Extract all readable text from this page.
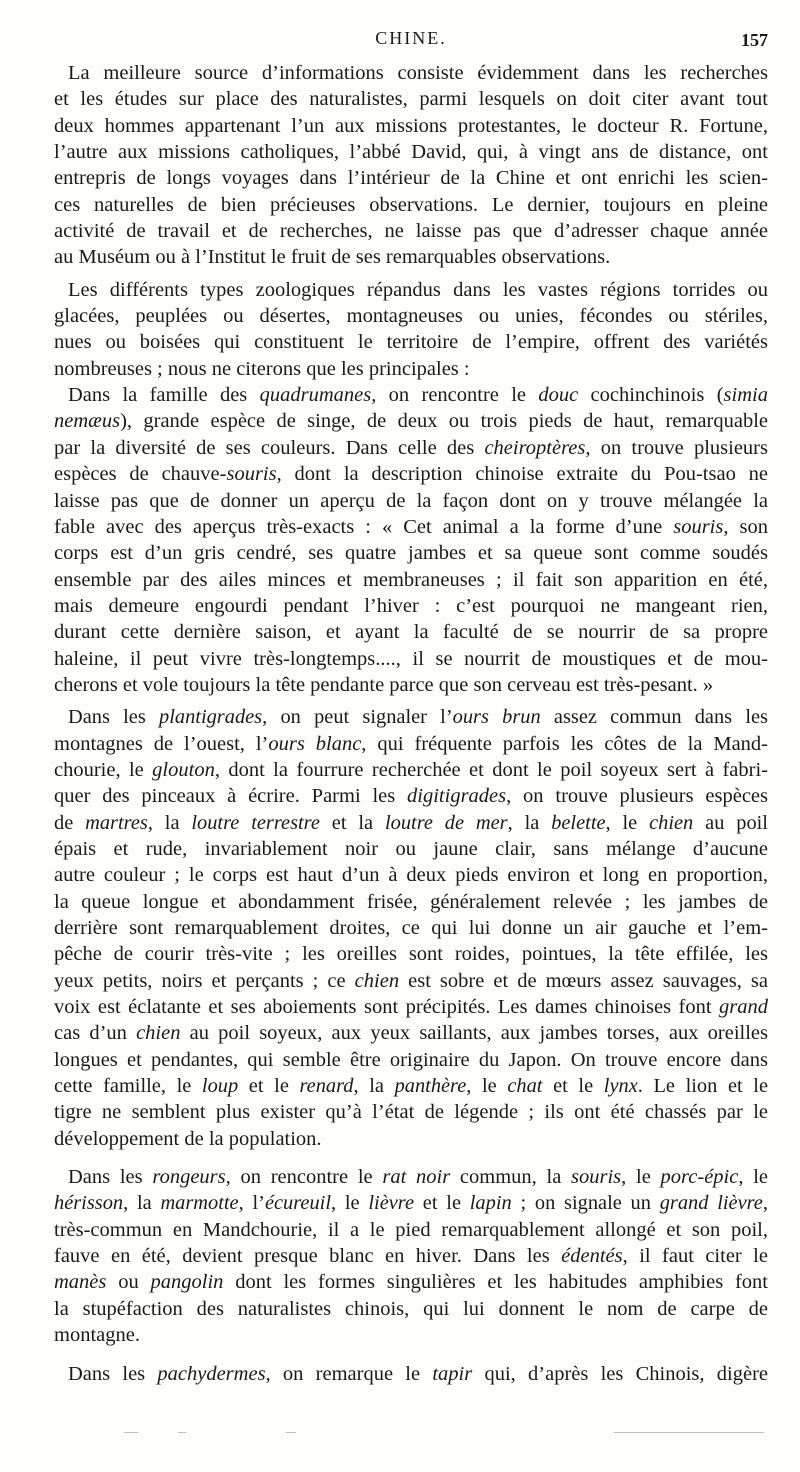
CHINE.	157
La meilleure source d’informations consiste évidemment dans les recherches
et les études sur place des naturalistes, parmi lesquels on doit citer avant tout
deux hommes appartenant l’un aux missions protestantes, le docteur R. Fortune,
l’autre aux missions catholiques, l’abbé David, qui, à vingt ans de distance, ont
entrepris de longs voyages dans l’intérieur de la Chine et ont enrichi les scien-
ces naturelles de bien précieuses observations. Le dernier, toujours en pleine
activité de travail et de recherches, ne laisse pas que d’adresser chaque année
au Muséum ou à l’Institut le fruit de ses remarquables observations.
Les différents types zoologiques répandus dans les vastes régions torrides ou
glacées, peuplées ou désertes, montagneuses ou unies, fécondes ou stériles,
nues ou boisées qui constituent le territoire de l’empire, offrent des variétés
nombreuses ; nous ne citerons que les principales :
Dans la famille des quadrumanes, on rencontre le douc cochinchinois (simia
nemæus), grande espèce de singe, de deux ou trois pieds de haut, remarquable
par la diversité de ses couleurs. Dans celle des cheiroptères, on trouve plusieurs
espèces de chauve-souris, dont la description chinoise extraite du Pou-tsao ne
laisse pas que de donner un aperçu de la façon dont on y trouve mélangée la
fable avec des aperçus très-exacts : « Cet animal a la forme d’une souris, son
corps est d’un gris cendré, ses quatre jambes et sa queue sont comme soudés
ensemble par des ailes minces et membraneuses ; il fait son apparition en été,
mais demeure engourdi pendant l’hiver : c’est pourquoi ne mangeant rien,
durant cette dernière saison, et ayant la faculté de se nourrir de sa propre
haleine, il peut vivre très-longtemps...., il se nourrit de moustiques et de mou-
cherons et vole toujours la tête pendante parce que son cerveau est très-pesant. »
Dans les plantigrades, on peut signaler l’ours brun assez commun dans les
montagnes de l’ouest, l’ours blanc, qui fréquente parfois les côtes de la Mand-
chourie, le glouton, dont la fourrure recherchée et dont le poil soyeux sert à fabri-
quer des pinceaux à écrire. Parmi les digitigrades, on trouve plusieurs espèces
de martres, la loutre terrestre et la loutre de mer, la belette, le chien au poil
épais et rude, invariablement noir ou jaune clair, sans mélange d’aucune
autre couleur ; le corps est haut d’un à deux pieds environ et long en proportion,
la queue longue et abondamment frisée, généralement relevée ; les jambes de
derrière sont remarquablement droites, ce qui lui donne un air gauche et l’em-
pêche de courir très-vite ; les oreilles sont roides, pointues, la tête effilée, les
yeux petits, noirs et perçants ; ce chien est sobre et de mœurs assez sauvages, sa
voix est éclatante et ses aboiements sont précipités. Les dames chinoises font grand
cas d’un chien au poil soyeux, aux yeux saillants, aux jambes torses, aux oreilles
longues et pendantes, qui semble être originaire du Japon. On trouve encore dans
cette famille, le loup et le renard, la panthère, le chat et le lynx. Le lion et le
tigre ne semblent plus exister qu’à l’état de légende ; ils ont été chassés par le
développement de la population.
Dans les rongeurs, on rencontre le rat noir commun, la souris, le porc-épic, le
hérisson, la marmotte, l’écureuil, le lièvre et le lapin ; on signale un grand lièvre,
très-commun en Mandchourie, il a le pied remarquablement allongé et son poil,
fauve en été, devient presque blanc en hiver. Dans les édentés, il faut citer le
manès ou pangolin dont les formes singulières et les habitudes amphibies font
la stupéfaction des naturalistes chinois, qui lui donnent le nom de carpe de
montagne.
Dans les pachydermes, on remarque le tapir qui, d’après les Chinois, digère
